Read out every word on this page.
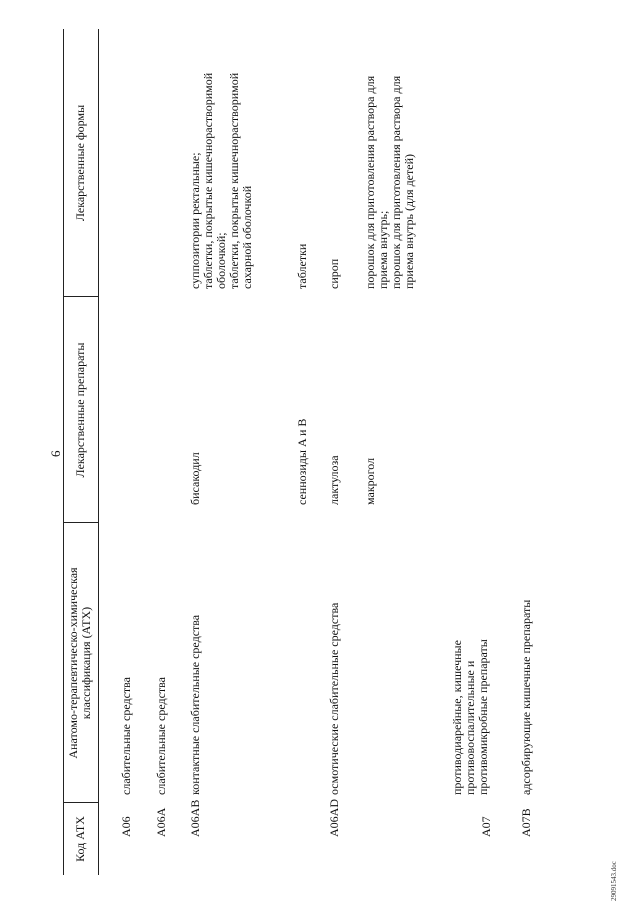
6
Код АТХ
Анатомо-терапевтическо-химическая классификация (АТХ)
Лекарственные препараты
Лекарственные формы
A06
слабительные средства
A06A
слабительные средства
A06AB
контактные слабительные средства
бисакодил
суппозитории ректальные; таблетки, покрытые кишечнорастворимой оболочкой; таблетки, покрытые кишечнорастворимой сахарной оболочкой
сеннозиды A и B
таблетки
A06AD
осмотические слабительные средства
лактулоза
сироп
макрогол
порошок для приготовления раствора для приема внутрь; порошок для приготовления раствора для приема внутрь (для детей)
A07
противодиарейные, кишечные противовоспалительные и противомикробные препараты
A07B
адсорбирующие кишечные препараты
29091543.doc
